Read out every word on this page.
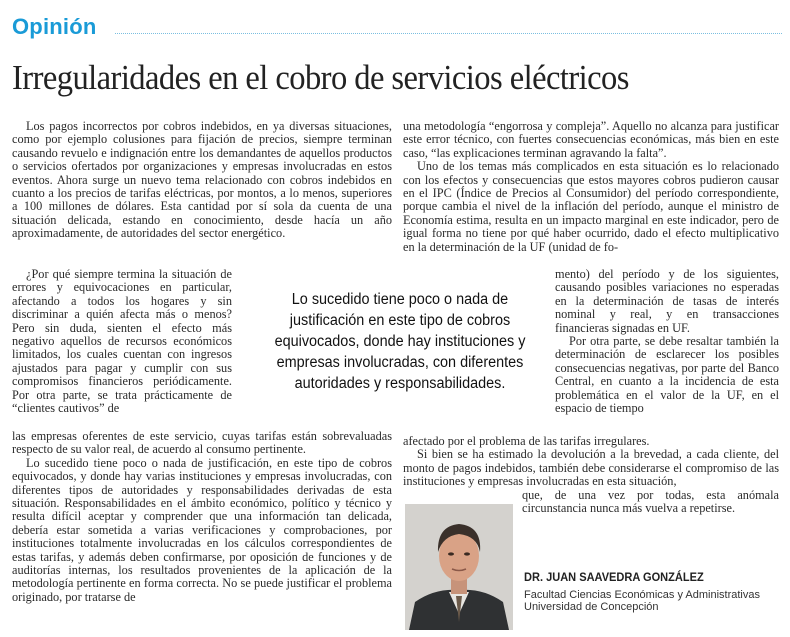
Opinión
Irregularidades en el cobro de servicios eléctricos

Los pagos incorrectos por cobros indebidos, en ya diversas situaciones, como por ejemplo colusiones para fijación de precios, siempre terminan causando revuelo e indignación entre los demandantes de aquellos productos o servicios ofertados por organizaciones y empresas involucradas en estos eventos. Ahora surge un nuevo tema relacionado con cobros indebidos en cuanto a los precios de tarifas eléctricas, por montos, a lo menos, superiores a 100 millones de dólares. Esta cantidad por sí sola da cuenta de una situación delicada, estando en conocimiento, desde hacía un año aproximadamente, de autoridades del sector energético.

¿Por qué siempre termina la situación de errores y equivocaciones en particular, afectando a todos los hogares y sin discriminar a quién afecta más o menos? Pero sin duda, sienten el efecto más negativo aquellos de recursos económicos limitados, los cuales cuentan con ingresos ajustados para pagar y cumplir con sus compromisos financieros periódicamente. Por otra parte, se trata prácticamente de “clientes cautivos” de

las empresas oferentes de este servicio, cuyas tarifas están sobrevaluadas respecto de su valor real, de acuerdo al consumo pertinente.

Lo sucedido tiene poco o nada de justificación, en este tipo de cobros equivocados, y donde hay varias instituciones y empresas involucradas, con diferentes tipos de autoridades y responsabilidades derivadas de esta situación. Responsabilidades en el ámbito económico, político y técnico y resulta difícil aceptar y comprender que una información tan delicada, debería estar sometida a varias verificaciones y comprobaciones, por instituciones totalmente involucradas en los cálculos correspondientes de estas tarifas, y además deben confirmarse, por oposición de funciones y de auditorías internas, los resultados provenientes de la aplicación de la metodología pertinente en forma correcta. No se puede justificar el problema originado, por tratarse de

una metodología “engorrosa y compleja”. Aquello no alcanza para justificar este error técnico, con fuertes consecuencias económicas, más bien en este caso, “las explicaciones terminan agravando la falta”.

Uno de los temas más complicados en esta situación es lo relacionado con los efectos y consecuencias que estos mayores cobros pudieron causar en el IPC (Índice de Precios al Consumidor) del período correspondiente, porque cambia el nivel de la inflación del período, aunque el ministro de Economía estima, resulta en un impacto marginal en este indicador, pero de igual forma no tiene por qué haber ocurrido, dado el efecto multiplicativo en la determinación de la UF (unidad de fo-

mento) del período y de los siguientes, causando posibles variaciones no esperadas en la determinación de tasas de interés nominal y real, y en transacciones financieras signadas en UF.

Por otra parte, se debe resaltar también la determinación de esclarecer los posibles consecuencias negativas, por parte del Banco Central, en cuanto a la incidencia de esta problemática en el valor de la UF, en el espacio de tiempo

afectado por el problema de las tarifas irregulares.

Si bien se ha estimado la devolución a la brevedad, a cada cliente, del monto de pagos indebidos, también debe considerarse el compromiso de las instituciones y empresas involucradas en esta situación,

que, de una vez por todas, esta anómala circunstancia nunca más vuelva a repetirse.

Lo sucedido tiene poco o nada de justificación en este tipo de cobros equivocados, donde hay instituciones y empresas involucradas, con diferentes autoridades y responsabilidades.
DR. JUAN SAAVEDRA GONZÁLEZ
Facultad Ciencias Económicas y Administrativas
Universidad de Concepción
